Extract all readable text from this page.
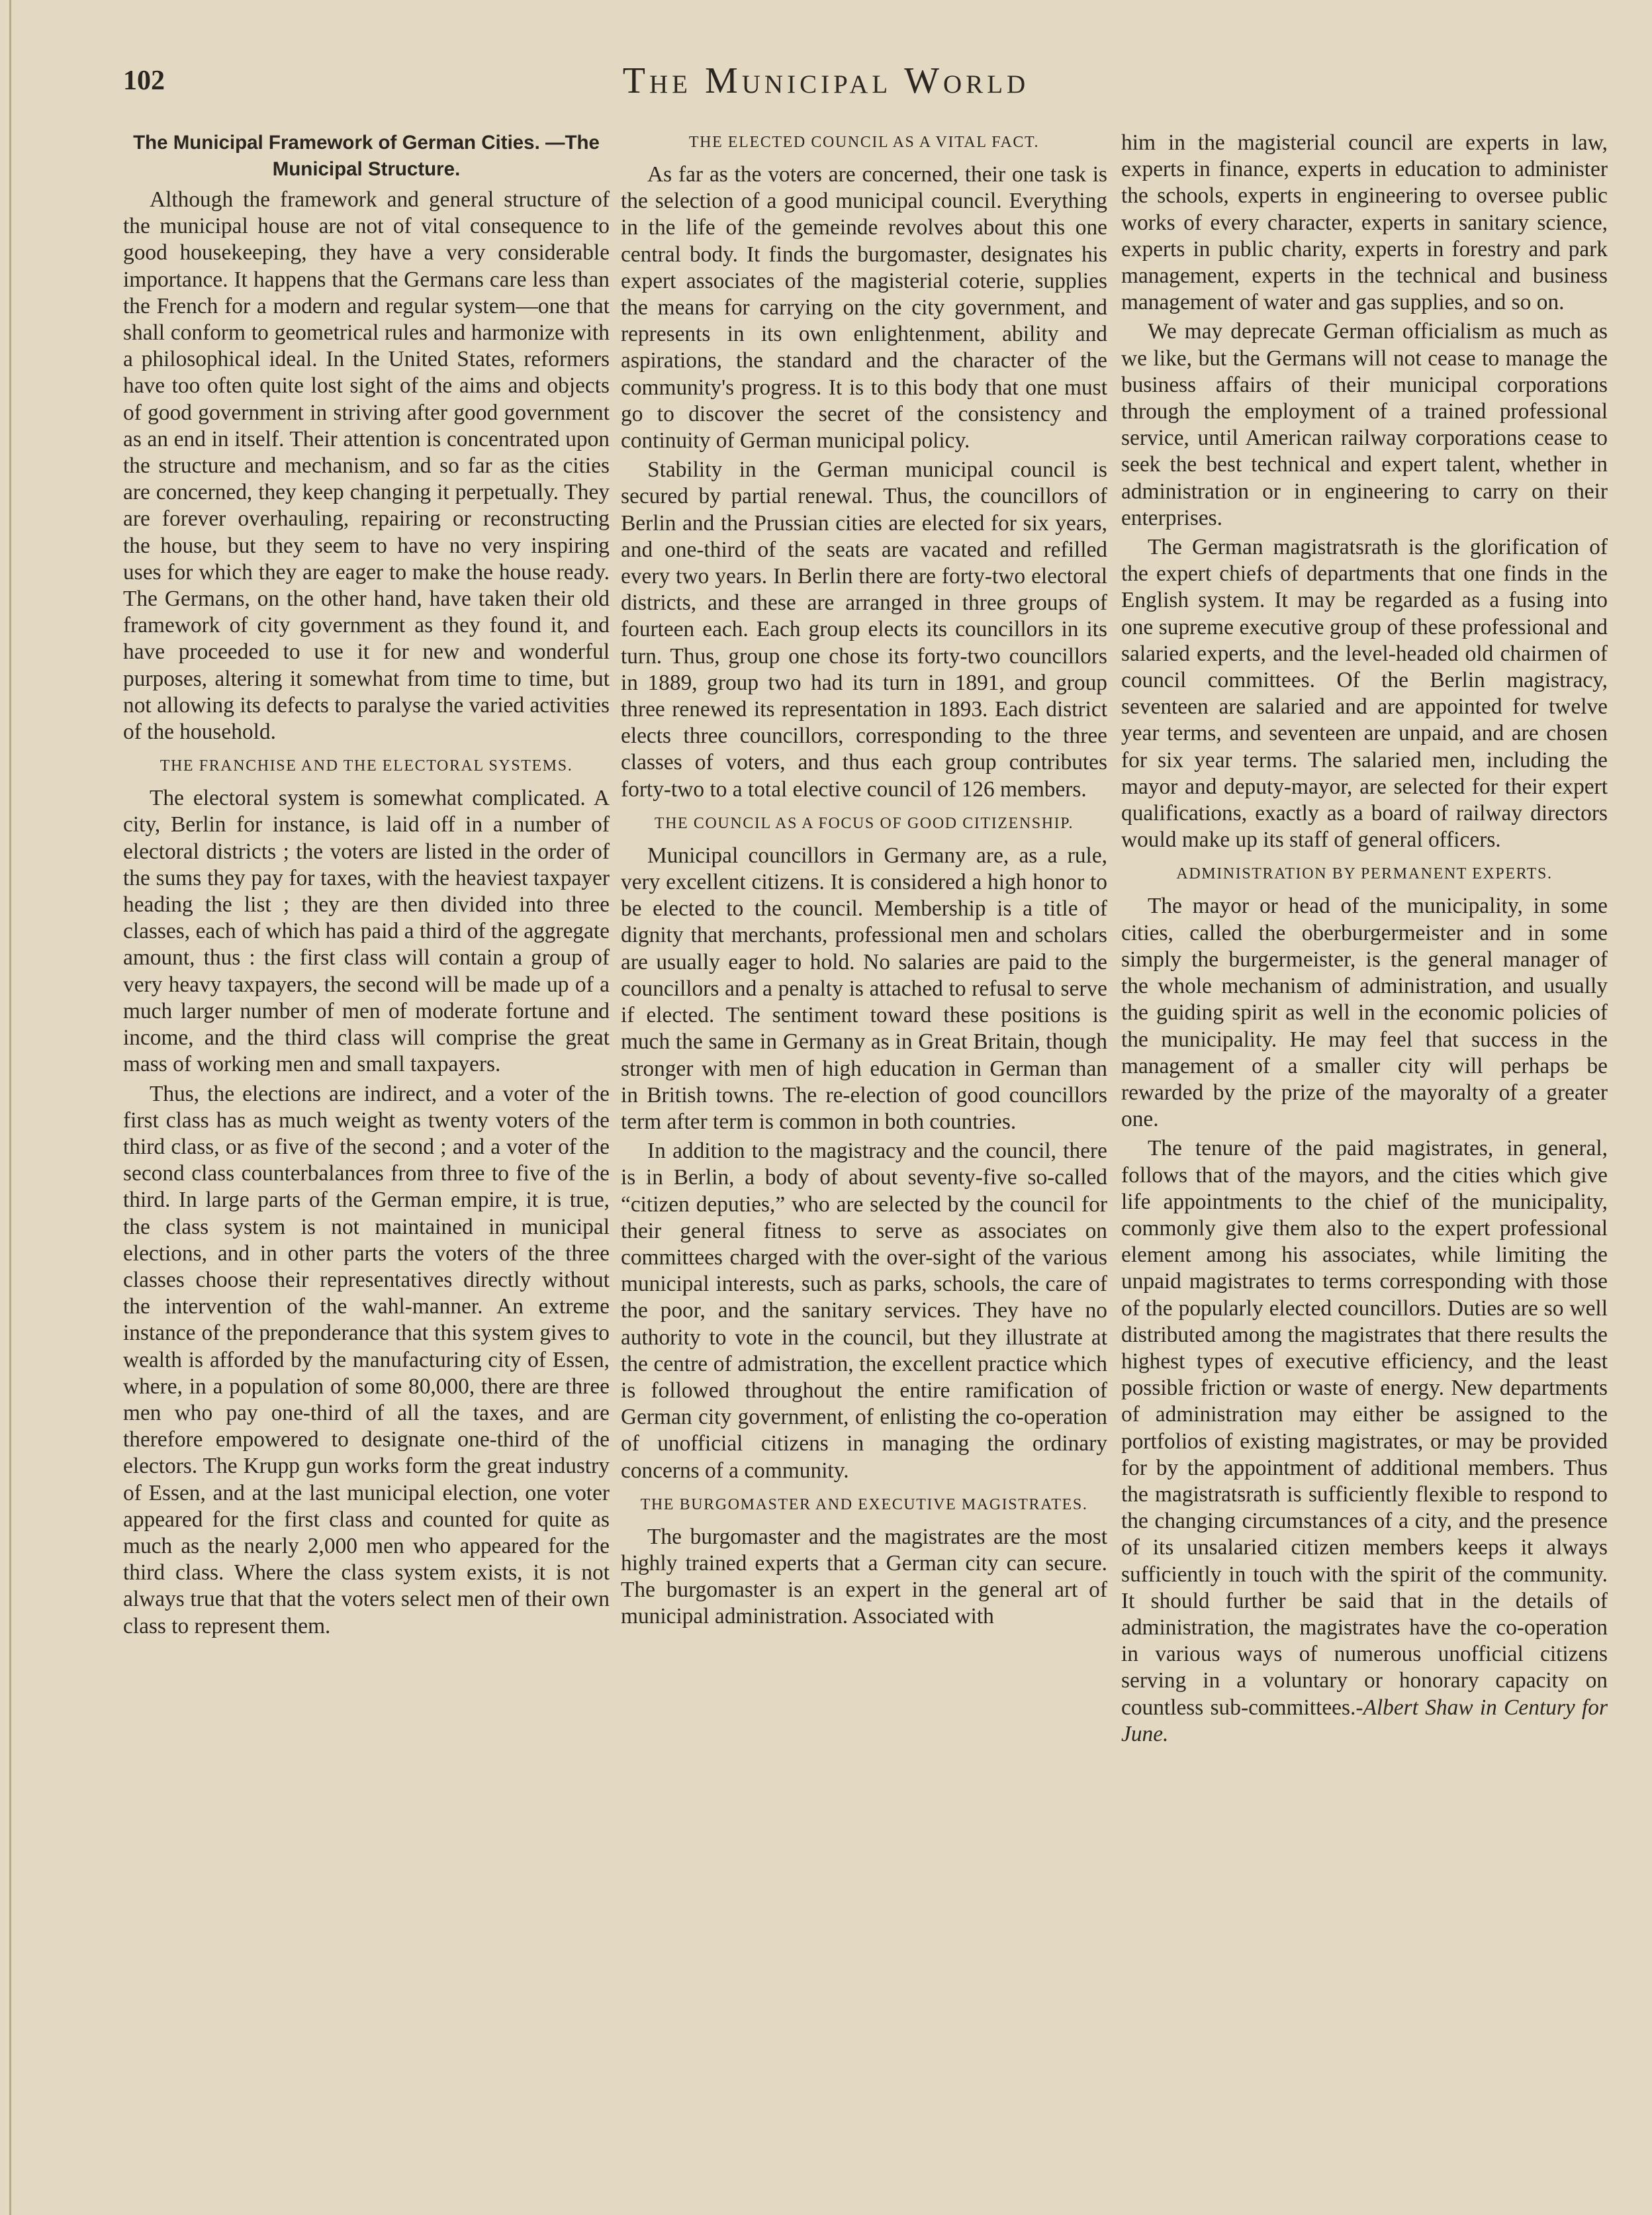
102	The Municipal World
The Municipal Framework of German Cities. —The Municipal Structure.

Although the framework and general structure of the municipal house are not of vital consequence to good housekeeping, they have a very considerable importance. It happens that the Germans care less than the French for a modern and regular system—one that shall conform to geometrical rules and harmonize with a philosophical ideal. In the United States, reformers have too often quite lost sight of the aims and objects of good government in striving after good government as an end in itself. Their attention is concentrated upon the structure and mechanism, and so far as the cities are concerned, they keep changing it perpetually. They are forever overhauling, repairing or reconstructing the house, but they seem to have no very inspiring uses for which they are eager to make the house ready. The Germans, on the other hand, have taken their old framework of city government as they found it, and have proceeded to use it for new and wonderful purposes, altering it somewhat from time to time, but not allowing its defects to paralyse the varied activities of the household.

THE FRANCHISE AND THE ELECTORAL SYSTEMS.

The electoral system is somewhat complicated. A city, Berlin for instance, is laid off in a number of electoral districts ; the voters are listed in the order of the sums they pay for taxes, with the heaviest taxpayer heading the list ; they are then divided into three classes, each of which has paid a third of the aggregate amount, thus : the first class will contain a group of very heavy taxpayers, the second will be made up of a much larger number of men of moderate fortune and income, and the third class will comprise the great mass of working men and small taxpayers.

Thus, the elections are indirect, and a voter of the first class has as much weight as twenty voters of the third class, or as five of the second ; and a voter of the second class counterbalances from three to five of the third. In large parts of the German empire, it is true, the class system is not maintained in municipal elections, and in other parts the voters of the three classes choose their representatives directly without the intervention of the wahl-manner. An extreme instance of the preponderance that this system gives to wealth is afforded by the manufacturing city of Essen, where, in a population of some 80,000, there are three men who pay one-third of all the taxes, and are therefore empowered to designate one-third of the electors. The Krupp gun works form the great industry of Essen, and at the last municipal election, one voter appeared for the first class and counted for quite as much as the nearly 2,000 men who appeared for the third class. Where the class system exists, it is not always true that that the voters select men of their own class to represent them.

THE ELECTED COUNCIL AS A VITAL FACT.

As far as the voters are concerned, their one task is the selection of a good municipal council. Everything in the life of the gemeinde revolves about this one central body. It finds the burgomaster, designates his expert associates of the magisterial coterie, supplies the means for carrying on the city government, and represents in its own enlightenment, ability and aspirations, the standard and the character of the community's progress. It is to this body that one must go to discover the secret of the consistency and continuity of German municipal policy.

Stability in the German municipal council is secured by partial renewal. Thus, the councillors of Berlin and the Prussian cities are elected for six years, and one-third of the seats are vacated and refilled every two years. In Berlin there are forty-two electoral districts, and these are arranged in three groups of fourteen each. Each group elects its councillors in its turn. Thus, group one chose its forty-two councillors in 1889, group two had its turn in 1891, and group three renewed its representation in 1893. Each district elects three councillors, corresponding to the three classes of voters, and thus each group contributes forty-two to a total elective council of 126 members.

THE COUNCIL AS A FOCUS OF GOOD CITIZENSHIP.

Municipal councillors in Germany are, as a rule, very excellent citizens. It is considered a high honor to be elected to the council. Membership is a title of dignity that merchants, professional men and scholars are usually eager to hold. No salaries are paid to the councillors and a penalty is attached to refusal to serve if elected. The sentiment toward these positions is much the same in Germany as in Great Britain, though stronger with men of high education in German than in British towns. The re-election of good councillors term after term is common in both countries.

In addition to the magistracy and the council, there is in Berlin, a body of about seventy-five so-called “citizen deputies,” who are selected by the council for their general fitness to serve as associates on committees charged with the over-sight of the various municipal interests, such as parks, schools, the care of the poor, and the sanitary services. They have no authority to vote in the council, but they illustrate at the centre of admistration, the excellent practice which is followed throughout the entire ramification of German city government, of enlisting the co-operation of unofficial citizens in managing the ordinary concerns of a community.

THE BURGOMASTER AND EXECUTIVE MAGISTRATES.

The burgomaster and the magistrates are the most highly trained experts that a German city can secure. The burgomaster is an expert in the general art of municipal administration. Associated with

him in the magisterial council are experts in law, experts in finance, experts in education to administer the schools, experts in engineering to oversee public works of every character, experts in sanitary science, experts in public charity, experts in forestry and park management, experts in the technical and business management of water and gas supplies, and so on.

We may deprecate German officialism as much as we like, but the Germans will not cease to manage the business affairs of their municipal corporations through the employment of a trained professional service, until American railway corporations cease to seek the best technical and expert talent, whether in administration or in engineering to carry on their enterprises.

The German magistratsrath is the glorification of the expert chiefs of departments that one finds in the English system. It may be regarded as a fusing into one supreme executive group of these professional and salaried experts, and the level-headed old chairmen of council committees. Of the Berlin magistracy, seventeen are salaried and are appointed for twelve year terms, and seventeen are unpaid, and are chosen for six year terms. The salaried men, including the mayor and deputy-mayor, are selected for their expert qualifications, exactly as a board of railway directors would make up its staff of general officers.

ADMINISTRATION BY PERMANENT EXPERTS.

The mayor or head of the municipality, in some cities, called the oberburgermeister and in some simply the burgermeister, is the general manager of the whole mechanism of administration, and usually the guiding spirit as well in the economic policies of the municipality. He may feel that success in the management of a smaller city will perhaps be rewarded by the prize of the mayoralty of a greater one.

The tenure of the paid magistrates, in general, follows that of the mayors, and the cities which give life appointments to the chief of the municipality, commonly give them also to the expert professional element among his associates, while limiting the unpaid magistrates to terms corresponding with those of the popularly elected councillors. Duties are so well distributed among the magistrates that there results the highest types of executive efficiency, and the least possible friction or waste of energy. New departments of administration may either be assigned to the portfolios of existing magistrates, or may be provided for by the appointment of additional members. Thus the magistratsrath is sufficiently flexible to respond to the changing circumstances of a city, and the presence of its unsalaried citizen members keeps it always sufficiently in touch with the spirit of the community. It should further be said that in the details of administration, the magistrates have the co-operation in various ways of numerous unofficial citizens serving in a voluntary or honorary capacity on countless sub-committees.-Albert Shaw in Century for June.
